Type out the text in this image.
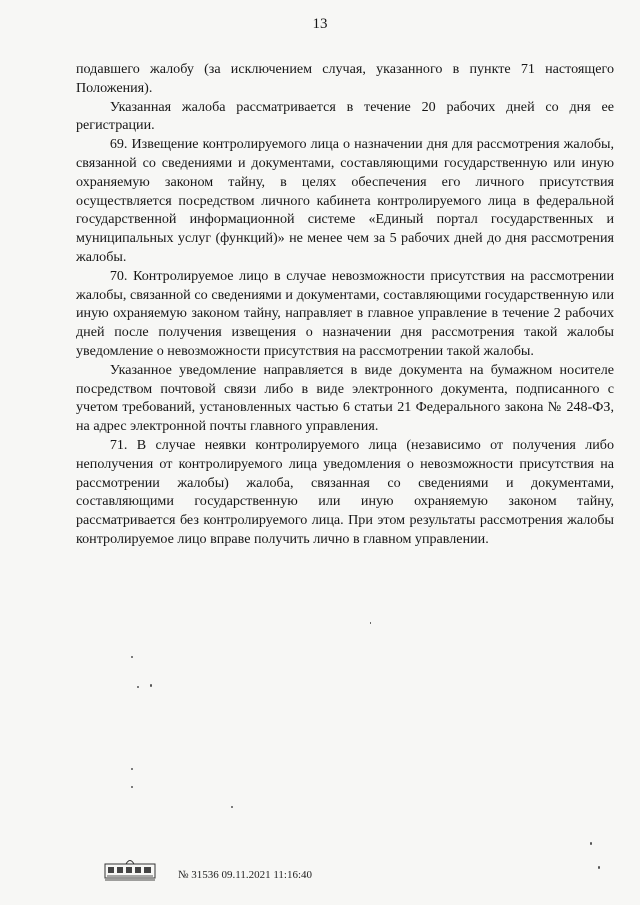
13

подавшего жалобу (за исключением случая, указанного в пункте 71 настоящего Положения).

Указанная жалоба рассматривается в течение 20 рабочих дней со дня ее регистрации.

69. Извещение контролируемого лица о назначении дня для рассмотрения жалобы, связанной со сведениями и документами, составляющими государственную или иную охраняемую законом тайну, в целях обеспечения его личного присутствия осуществляется посредством личного кабинета контролируемого лица в федеральной государственной информационной системе «Единый портал государственных и муниципальных услуг (функций)» не менее чем за 5 рабочих дней до дня рассмотрения жалобы.

70. Контролируемое лицо в случае невозможности присутствия на рассмотрении жалобы, связанной со сведениями и документами, составляющими государственную или иную охраняемую законом тайну, направляет в главное управление в течение 2 рабочих дней после получения извещения о назначении дня рассмотрения такой жалобы уведомление о невозможности присутствия на рассмотрении такой жалобы.

Указанное уведомление направляется в виде документа на бумажном носителе посредством почтовой связи либо в виде электронного документа, подписанного с учетом требований, установленных частью 6 статьи 21 Федерального закона № 248-ФЗ, на адрес электронной почты главного управления.

71. В случае неявки контролируемого лица (независимо от получения либо неполучения от контролируемого лица уведомления о невозможности присутствия на рассмотрении жалобы) жалоба, связанная со сведениями и документами, составляющими государственную или иную охраняемую законом тайну, рассматривается без контролируемого лица. При этом результаты рассмотрения жалобы контролируемое лицо вправе получить лично в главном управлении.

№ 31536 09.11.2021 11:16:40
